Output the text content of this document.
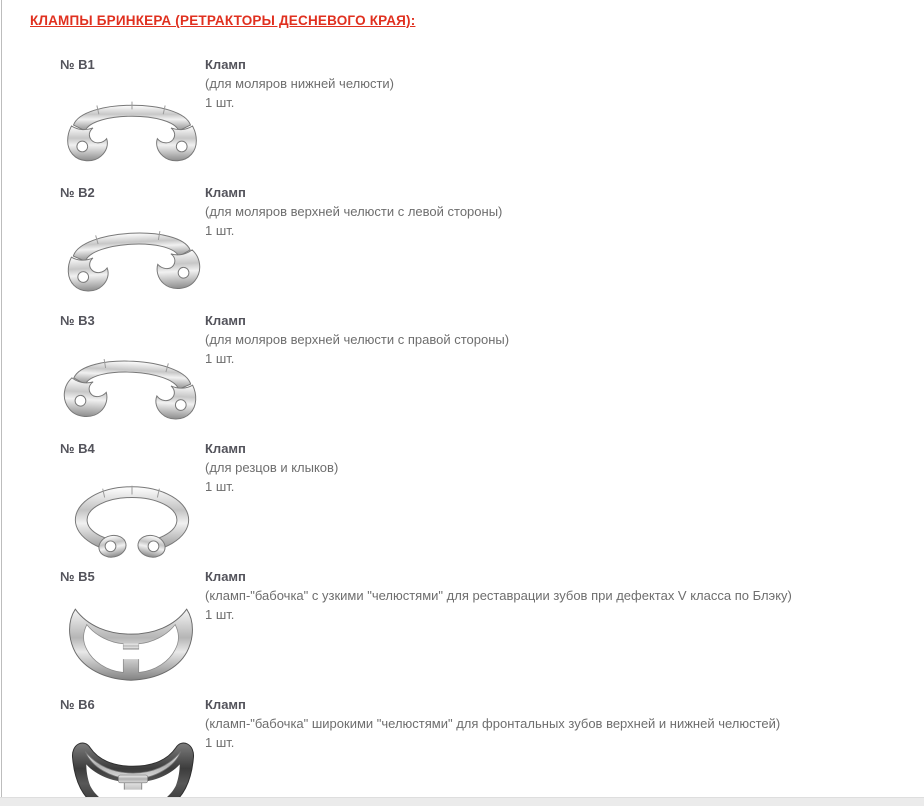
КЛАМПЫ БРИНКЕРА (РЕТРАКТОРЫ ДЕСНЕВОГО КРАЯ):
№ B1	Кламп
(для моляров нижней челюсти)
1 шт.
№ B2	Кламп
(для моляров верхней челюсти с левой стороны)
1 шт.
№ B3	Кламп
(для моляров верхней челюсти с правой стороны)
1 шт.
№ B4	Кламп
(для резцов и клыков)
1 шт.
№ B5	Кламп
(кламп-"бабочка" с узкими "челюстями" для реставрации зубов при дефектах V класса по Блэку)
1 шт.
№ B6	Кламп
(кламп-"бабочка" широкими "челюстями" для фронтальных зубов верхней и нижней челюстей)
1 шт.
